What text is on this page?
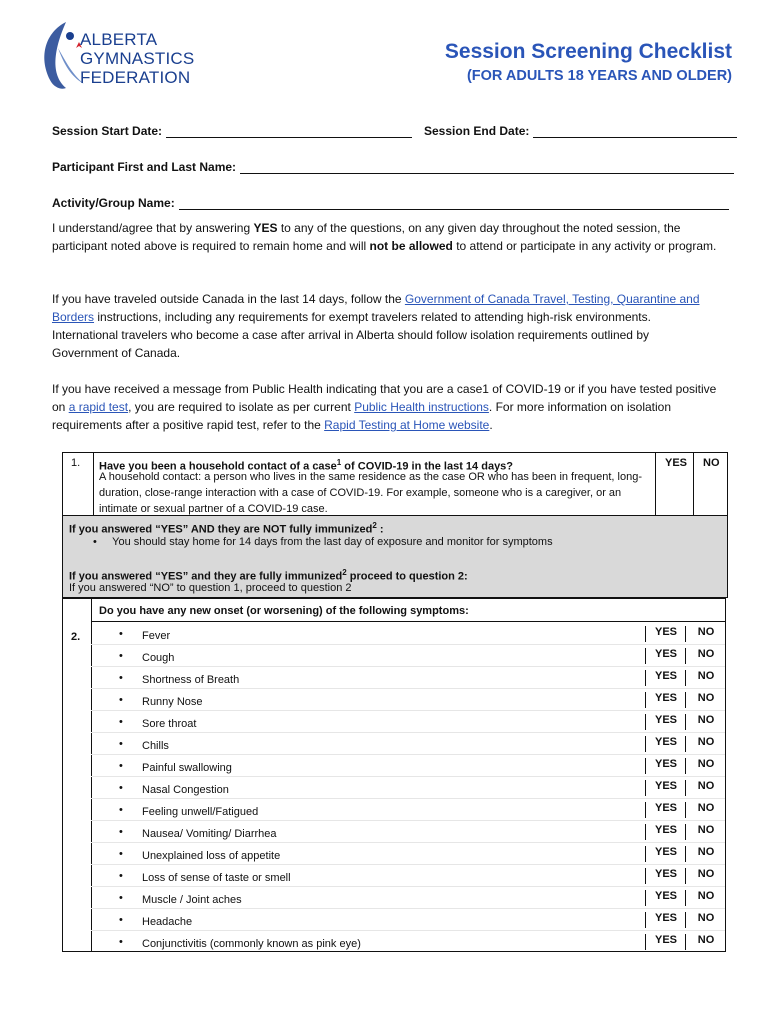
ALBERTA
GYMNASTICS
FEDERATION
Session Screening Checklist
(FOR ADULTS 18 YEARS AND OLDER)
Session Start Date:	Session End Date:
Participant First and Last Name:
Activity/Group Name:
I understand/agree that by answering YES to any of the questions, on any given day throughout the noted session, the participant noted above is required to remain home and will not be allowed to attend or participate in any activity or program.
If you have traveled outside Canada in the last 14 days, follow the Government of Canada Travel, Testing, Quarantine and Borders instructions, including any requirements for exempt travelers related to attending high-risk environments. International travelers who become a case after arrival in Alberta should follow isolation requirements outlined by Government of Canada.
If you have received a message from Public Health indicating that you are a case1 of COVID-19 or if you have tested positive on a rapid test, you are required to isolate as per current Public Health instructions. For more information on isolation requirements after a positive rapid test, refer to the Rapid Testing at Home website.
1. Have you been a household contact of a case$^1$ of COVID-19 in the last 14 days?
A household contact: a person who lives in the same residence as the case OR who has been in frequent, long-duration, close-range interaction with a case of COVID-19. For example, someone who is a caregiver, or an intimate or sexual partner of a COVID-19 case.
YES NO
If you answered “YES” AND they are NOT fully immunized$^2$ :
•     You should stay home for 14 days from the last day of exposure and monitor for symptoms
If you answered “YES” and they are fully immunized$^2$ proceed to question 2:
If you answered “NO” to question 1, proceed to question 2
2.
Do you have any new onset (or worsening) of the following symptoms:
• Fever	YES	NO
• Cough	YES	NO
• Shortness of Breath	YES	NO
• Runny Nose	YES	NO
• Sore throat	YES	NO
• Chills	YES	NO
• Painful swallowing	YES	NO
• Nasal Congestion	YES	NO
• Feeling unwell/Fatigued	YES	NO
• Nausea/ Vomiting/ Diarrhea	YES	NO
• Unexplained loss of appetite	YES	NO
• Loss of sense of taste or smell	YES	NO
• Muscle / Joint aches	YES	NO
• Headache	YES	NO
• Conjunctivitis (commonly known as pink eye)	YES	NO
